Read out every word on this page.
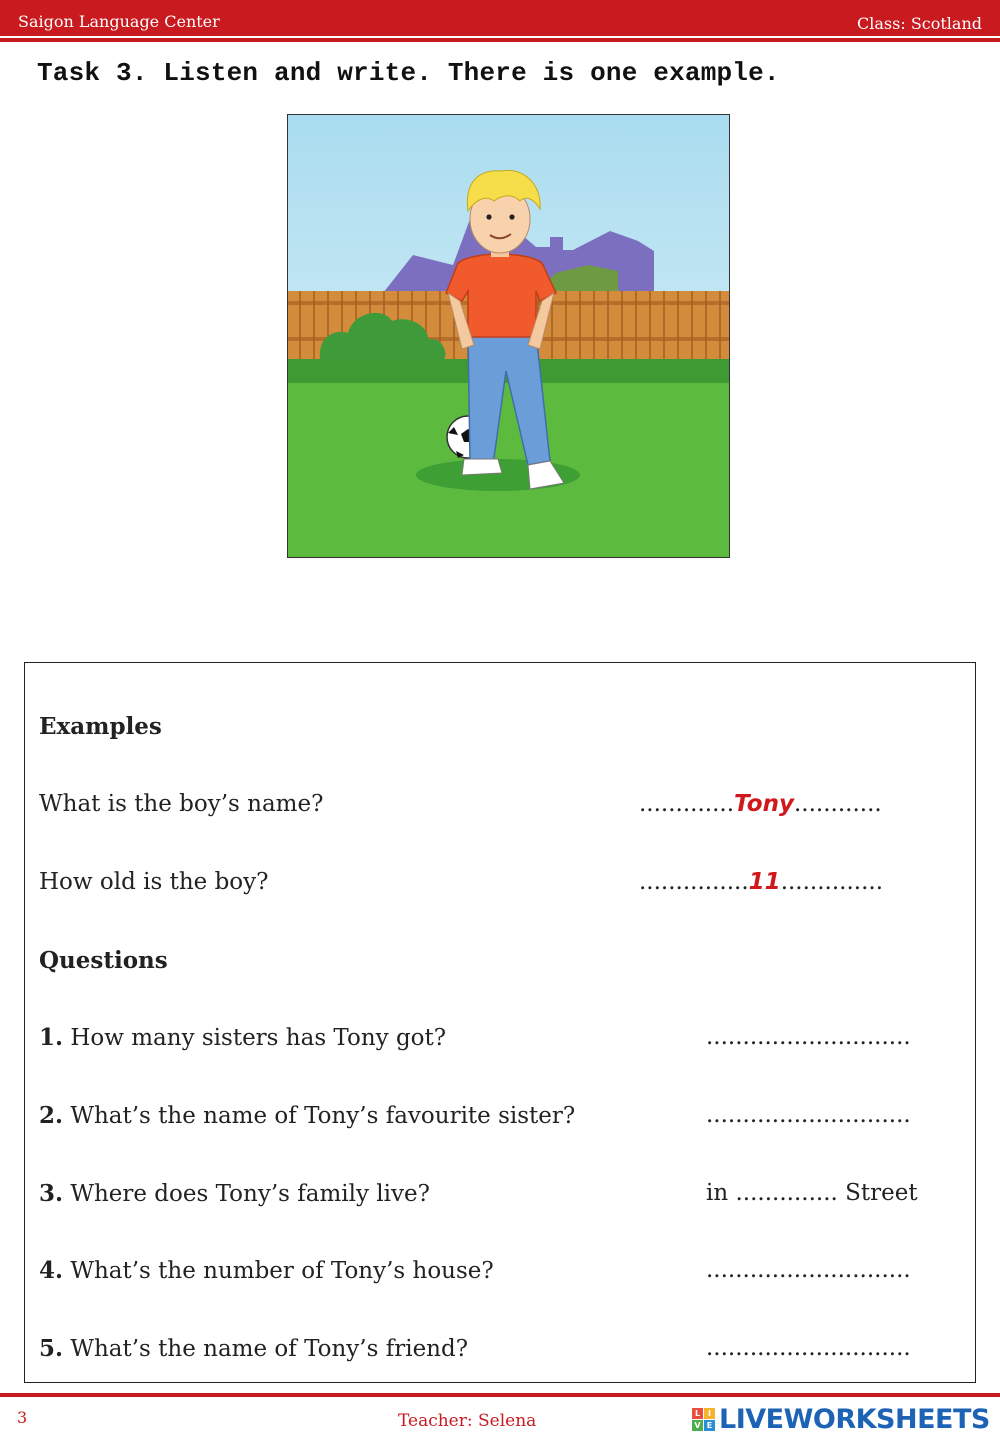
Saigon Language Center	Class: Scotland
Task 3. Listen and write. There is one example.
Examples
What is the boy’s name?	.............Tony............
How old is the boy?	...............11..............
Questions
1. How many sisters has Tony got?	............................
2. What’s the name of Tony’s favourite sister?	............................
3. Where does Tony’s family live?	in .............. Street
4. What’s the number of Tony’s house?	............................
5. What’s the name of Tony’s friend?	............................
3	Teacher: Selena	L I
V E LIVEWORKSHEETS
